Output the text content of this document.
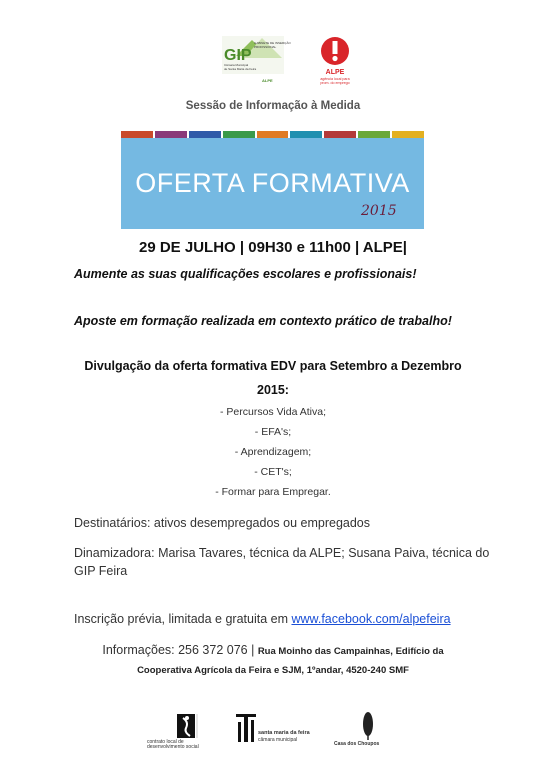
GIP
GABINETE DE INSERÇÃO
PROFISSIONAL
Câmara Municipal
de Santa Maria da Feira
ALPE
ALPE
agência local para
prom. do emprego
Sessão de Informação à Medida
OFERTA FORMATIVA
2015
29 DE JULHO | 09H30 e 11h00 | ALPE|
Aumente as suas qualificações escolares e profissionais!
Aposte em formação realizada em contexto prático de trabalho!
Divulgação da oferta formativa EDV para Setembro a Dezembro
2015:
- Percursos Vida Ativa;
- EFA's;
- Aprendizagem;
- CET's;
- Formar para Empregar.
Destinatários: ativos desempregados ou empregados
Dinamizadora: Marisa Tavares, técnica da ALPE; Susana Paiva, técnica do GIP Feira
Inscrição prévia, limitada e gratuita em www.facebook.com/alpefeira
Informações: 256 372 076 | Rua Moinho das Campainhas, Edifício da
Cooperativa Agrícola da Feira e SJM, 1ºandar, 4520-240 SMF
contrato local de
desenvolvimento social
santa maria da feira
câmara municipal
Casa dos Choupos
